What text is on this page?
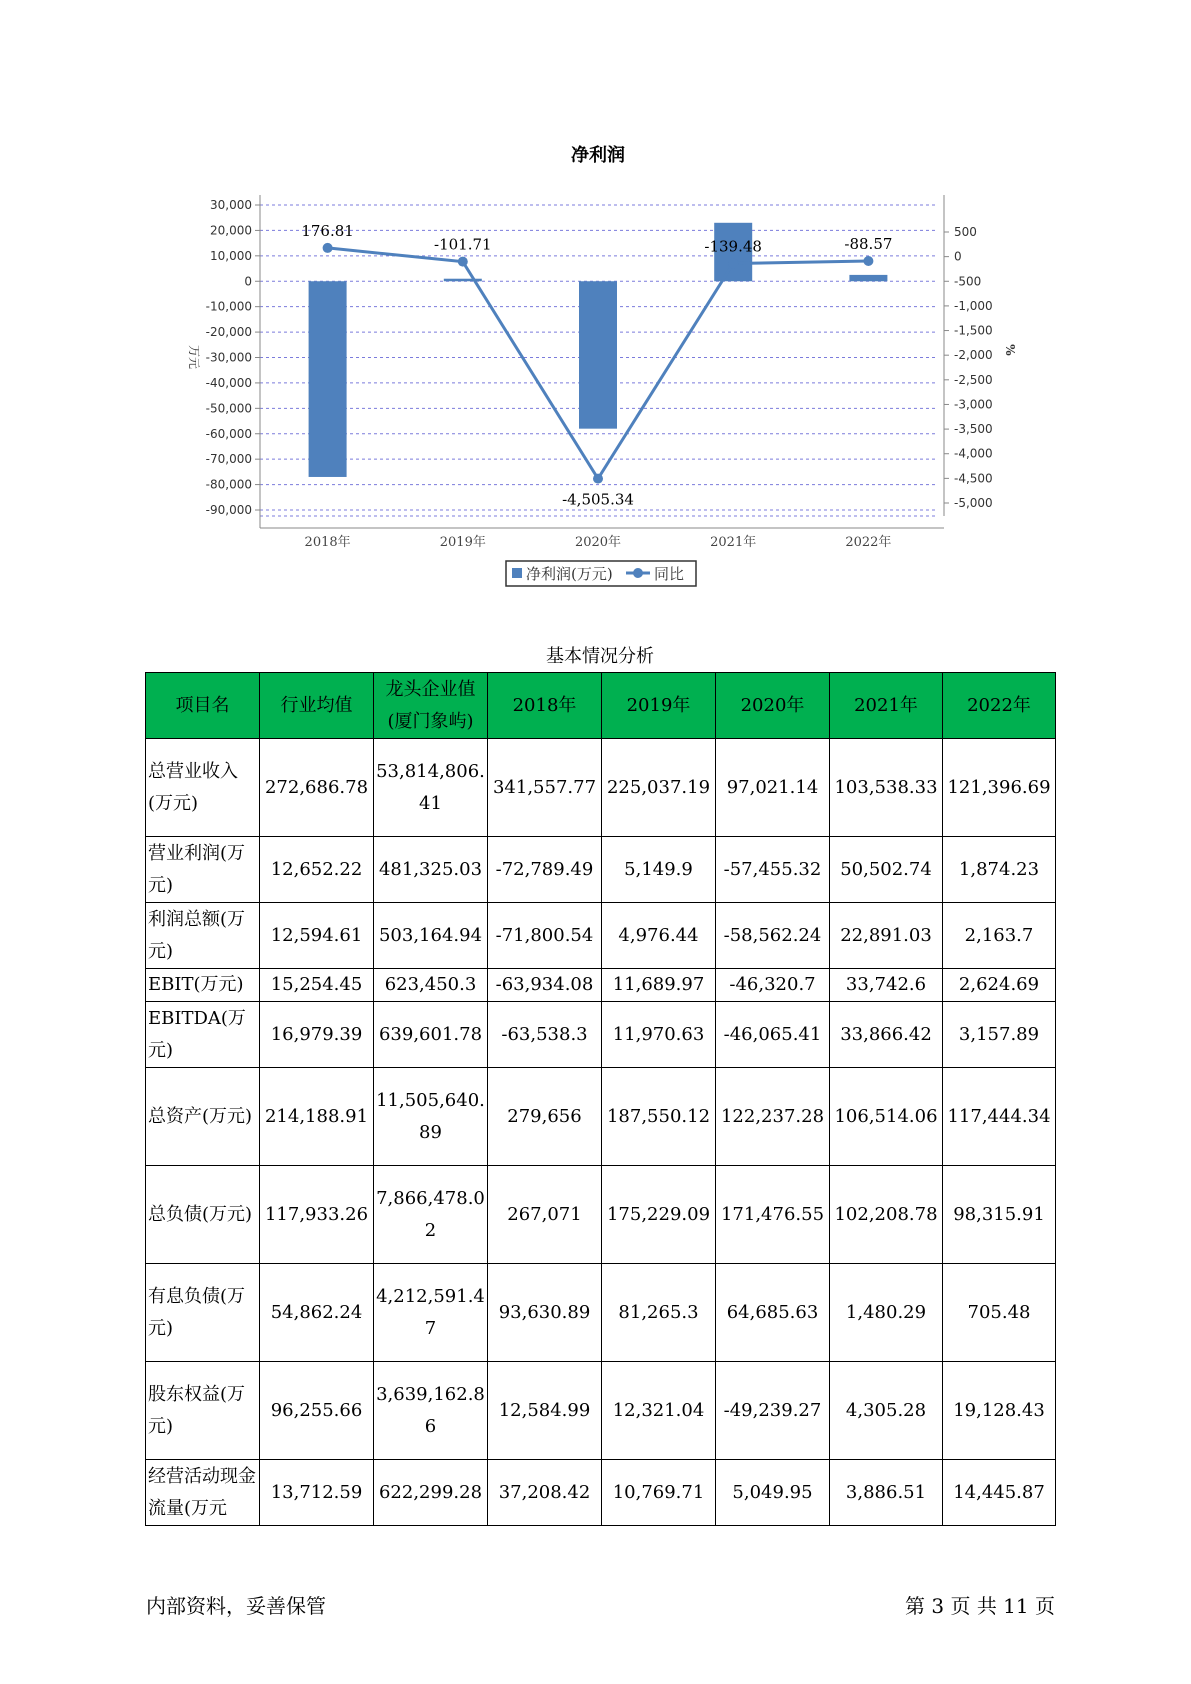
净利润
30,000
20,000
10,000
0
-10,000
-20,000
-30,000
-40,000
-50,000
-60,000
-70,000
-80,000
-90,000
500
0
-500
-1,000
-1,500
-2,000
-2,500
-3,000
-3,500
-4,000
-4,500
-5,000
万元	%
176.81
-101.71
-4,505.34
-139.48	-88.57
2018年	2019年	2020年	2021年	2022年
净利润(万元)	同比
基本情况分析
项目名	行业均值	龙头企业值(厦门象屿)	2018年	2019年	2020年	2021年	2022年
总营业收入(万元)	272,686.78	53,814,806.41	341,557.77	225,037.19	97,021.14	103,538.33	121,396.69
营业利润(万元)	12,652.22	481,325.03	-72,789.49	5,149.9	-57,455.32	50,502.74	1,874.23
利润总额(万元)	12,594.61	503,164.94	-71,800.54	4,976.44	-58,562.24	22,891.03	2,163.7
EBIT(万元)	15,254.45	623,450.3	-63,934.08	11,689.97	-46,320.7	33,742.6	2,624.69
EBITDA(万元)	16,979.39	639,601.78	-63,538.3	11,970.63	-46,065.41	33,866.42	3,157.89
总资产(万元)	214,188.91	11,505,640.89	279,656	187,550.12	122,237.28	106,514.06	117,444.34
总负债(万元)	117,933.26	7,866,478.02	267,071	175,229.09	171,476.55	102,208.78	98,315.91
有息负债(万元)	54,862.24	4,212,591.47	93,630.89	81,265.3	64,685.63	1,480.29	705.48
股东权益(万元)	96,255.66	3,639,162.86	12,584.99	12,321.04	-49,239.27	4,305.28	19,128.43
经营活动现金流量(万元	13,712.59	622,299.28	37,208.42	10,769.71	5,049.95	3,886.51	14,445.87
内部资料，妥善保管	第 3 页 共 11 页
